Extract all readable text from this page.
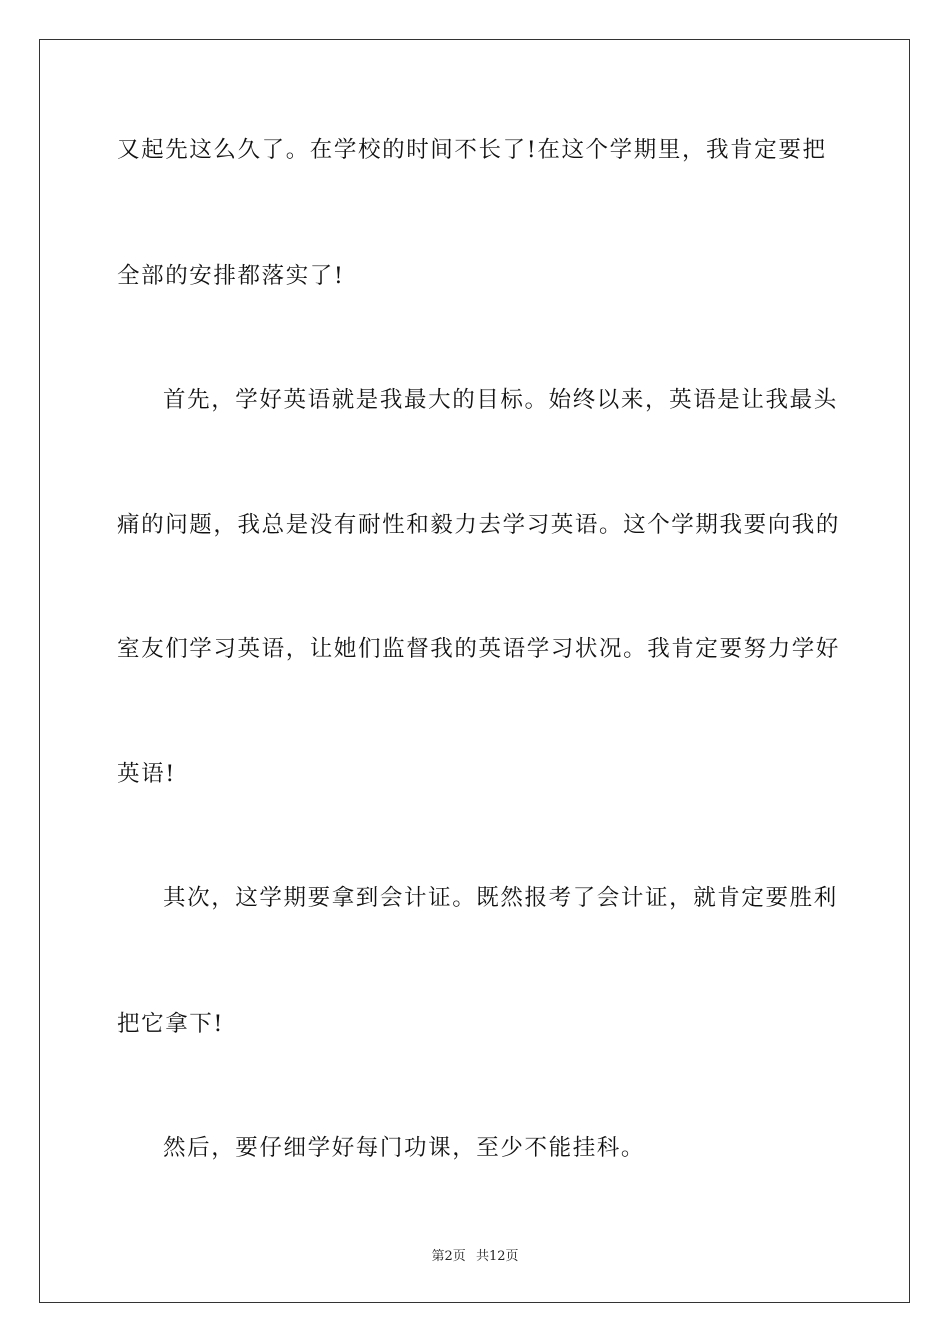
又起先这么久了。在学校的时间不长了!在这个学期里，我肯定要把
全部的安排都落实了!
首先，学好英语就是我最大的目标。始终以来，英语是让我最头
痛的问题，我总是没有耐性和毅力去学习英语。这个学期我要向我的
室友们学习英语，让她们监督我的英语学习状况。我肯定要努力学好
英语!
其次，这学期要拿到会计证。既然报考了会计证，就肯定要胜利
把它拿下!
然后，要仔细学好每门功课，至少不能挂科。
第2页 共12页
